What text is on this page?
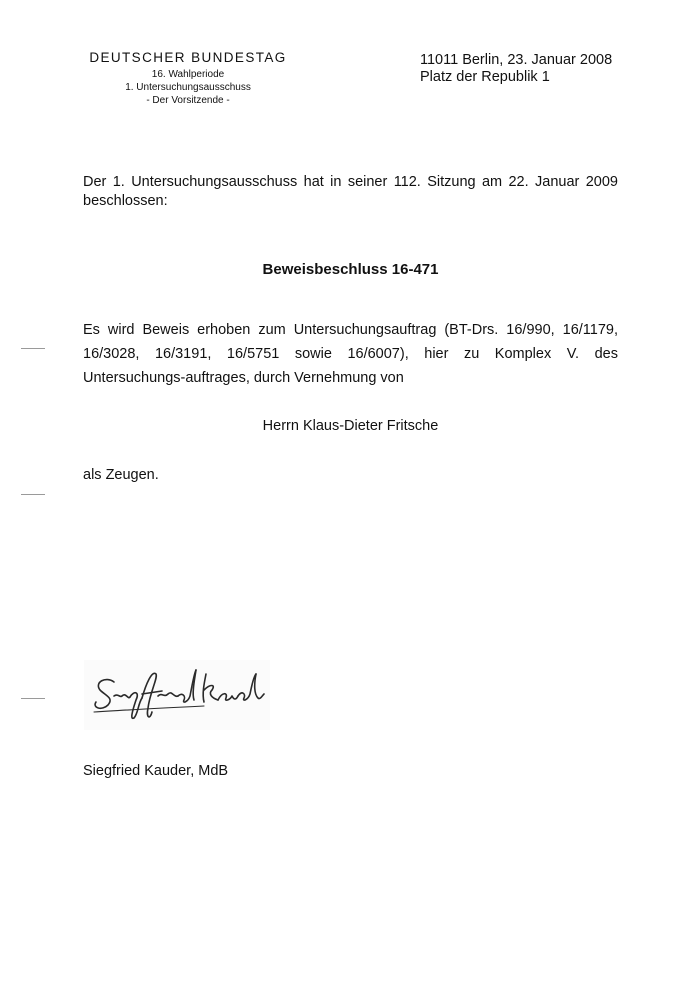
DEUTSCHER BUNDESTAG
16. Wahlperiode
1. Untersuchungsausschuss
- Der Vorsitzende -
11011 Berlin, 23. Januar 2008
Platz der Republik 1
Der 1. Untersuchungsausschuss hat in seiner 112. Sitzung am 22. Januar 2009 beschlossen:
Beweisbeschluss 16-471
Es wird Beweis erhoben zum Untersuchungsauftrag (BT-Drs. 16/990, 16/1179, 16/3028, 16/3191, 16/5751 sowie 16/6007), hier zu Komplex V. des Untersuchungs-auftrages, durch Vernehmung von
Herrn Klaus-Dieter Fritsche
als Zeugen.
Siegfried Kauder, MdB
